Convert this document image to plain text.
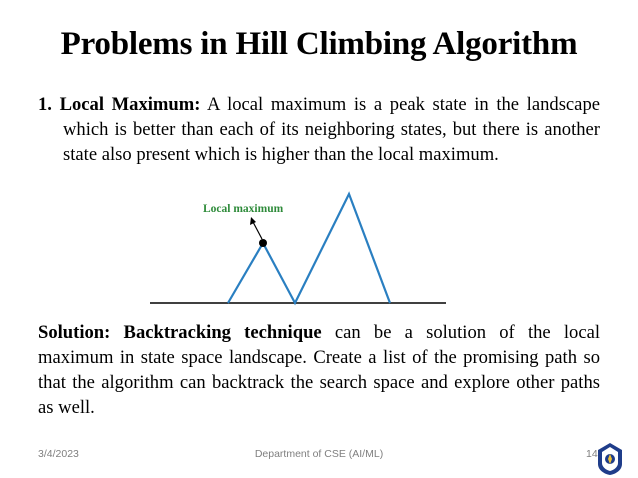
Problems in Hill Climbing Algorithm
1. Local Maximum: A local maximum is a peak state in the landscape which is better than each of its neighboring states, but there is another state also present which is higher than the local maximum.
Local maximum
Solution: Backtracking technique can be a solution of the local maximum in state space landscape. Create a list of the promising path so that the algorithm can backtrack the search space and explore other paths as well.
3/4/2023	Department of CSE (AI/ML)	14
